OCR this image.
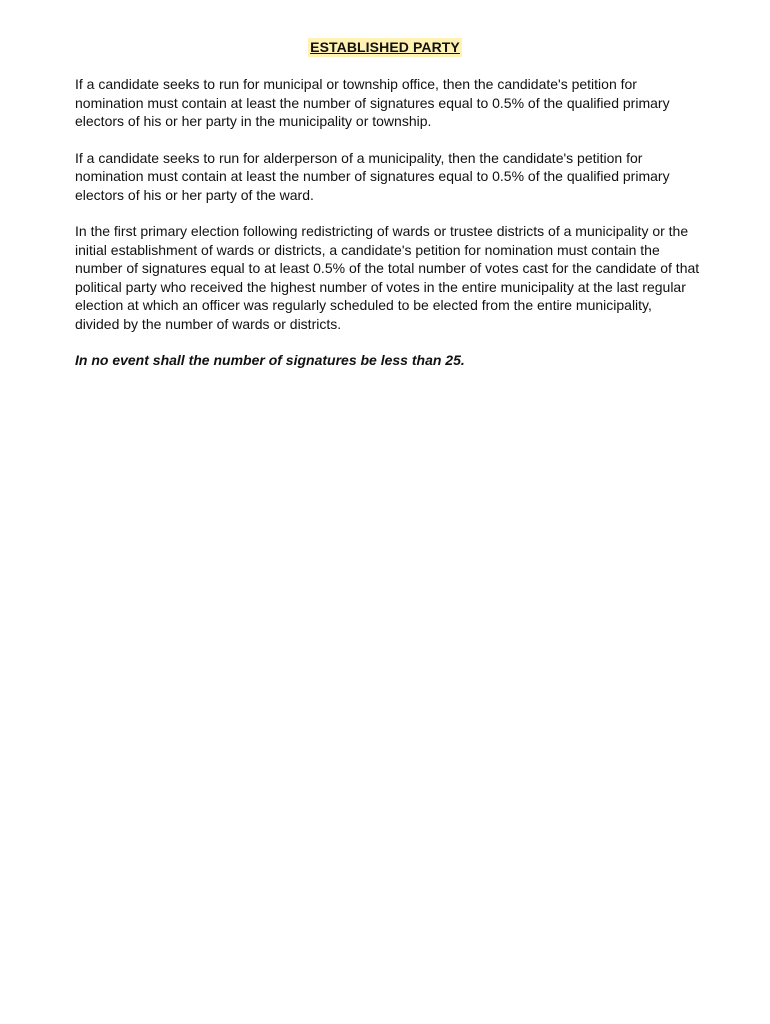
ESTABLISHED PARTY

If a candidate seeks to run for municipal or township office, then the candidate's petition for nomination must contain at least the number of signatures equal to 0.5% of the qualified primary electors of his or her party in the municipality or township.

If a candidate seeks to run for alderperson of a municipality, then the candidate's petition for nomination must contain at least the number of signatures equal to 0.5% of the qualified primary electors of his or her party of the ward.

In the first primary election following redistricting of wards or trustee districts of a municipality or the initial establishment of wards or districts, a candidate's petition for nomination must contain the number of signatures equal to at least 0.5% of the total number of votes cast for the candidate of that political party who received the highest number of votes in the entire municipality at the last regular election at which an officer was regularly scheduled to be elected from the entire municipality, divided by the number of wards or districts.

In no event shall the number of signatures be less than 25.
